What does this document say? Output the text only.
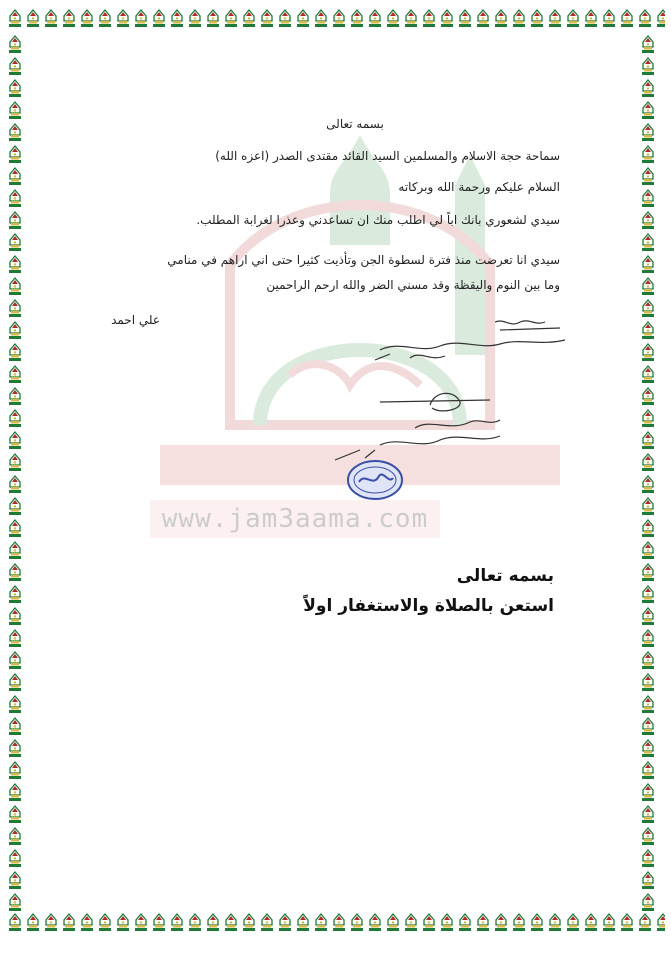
www.jam3aama.com
بسمه تعالى
سماحة حجة الاسلام والمسلمين السيد القائد مقتدى الصدر (اعزه الله)
السلام عليكم ورحمة الله وبركاته
سيدي لشعوري بانك اباً لي اطلب منك ان تساعدني وعذرا لغرابة المطلب.
سيدي انا تعرضت منذ فترة لسطوة الجن وتأذيت كثيرا حتى اني اراهم في منامي
وما بين النوم واليقظة وقد مسني الضر والله ارحم الراحمين
علي احمد
بسمه تعالى
استعن بالصلاة والاستغفار اولاً
